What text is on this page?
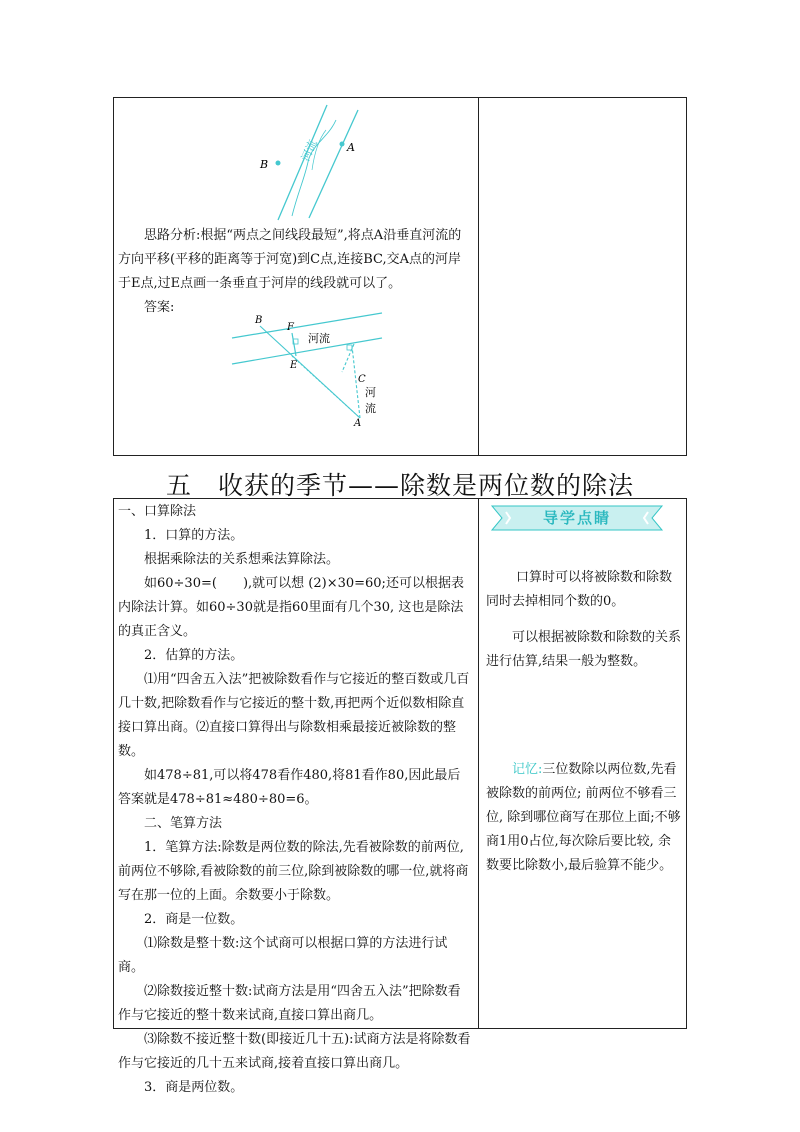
河流
B
A

思路分析:根据“两点之间线段最短”,将点A沿垂直河流的方向平移(平移的距离等于河宽)到C点,连接BC,交A点的河岸于E点,过E点画一条垂直于河岸的线段就可以了。

答案:

B
F
河流
E
C
河
流
A
五　收获的季节——除数是两位数的除法

一、口算除法

1．口算的方法。

根据乘除法的关系想乘法算除法。

如60÷30=(　　),就可以想 (2)×30=60;还可以根据表内除法计算。如60÷30就是指60里面有几个30, 这也是除法的真正含义。

2．估算的方法。

⑴用“四舍五入法”把被除数看作与它接近的整百数或几百几十数,把除数看作与它接近的整十数,再把两个近似数相除直接口算出商。⑵直接口算得出与除数相乘最接近被除数的整数。

如478÷81,可以将478看作480,将81看作80,因此最后答案就是478÷81≈480÷80=6。

二、笔算方法

1．笔算方法:除数是两位数的除法,先看被除数的前两位,前两位不够除,看被除数的前三位,除到被除数的哪一位,就将商写在那一位的上面。余数要小于除数。

2．商是一位数。

⑴除数是整十数:这个试商可以根据口算的方法进行试商。

⑵除数接近整十数:试商方法是用“四舍五入法”把除数看作与它接近的整十数来试商,直接口算出商几。

⑶除数不接近整十数(即接近几十五):试商方法是将除数看作与它接近的几十五来试商,接着直接口算出商几。

3．商是两位数。

导学点睛

口算时可以将被除数和除数同时去掉相同个数的0。

可以根据被除数和除数的关系进行估算,结果一般为整数。

记忆:三位数除以两位数,先看被除数的前两位; 前两位不够看三位, 除到哪位商写在那位上面;不够商1用0占位,每次除后要比较, 余数要比除数小,最后验算不能少。
